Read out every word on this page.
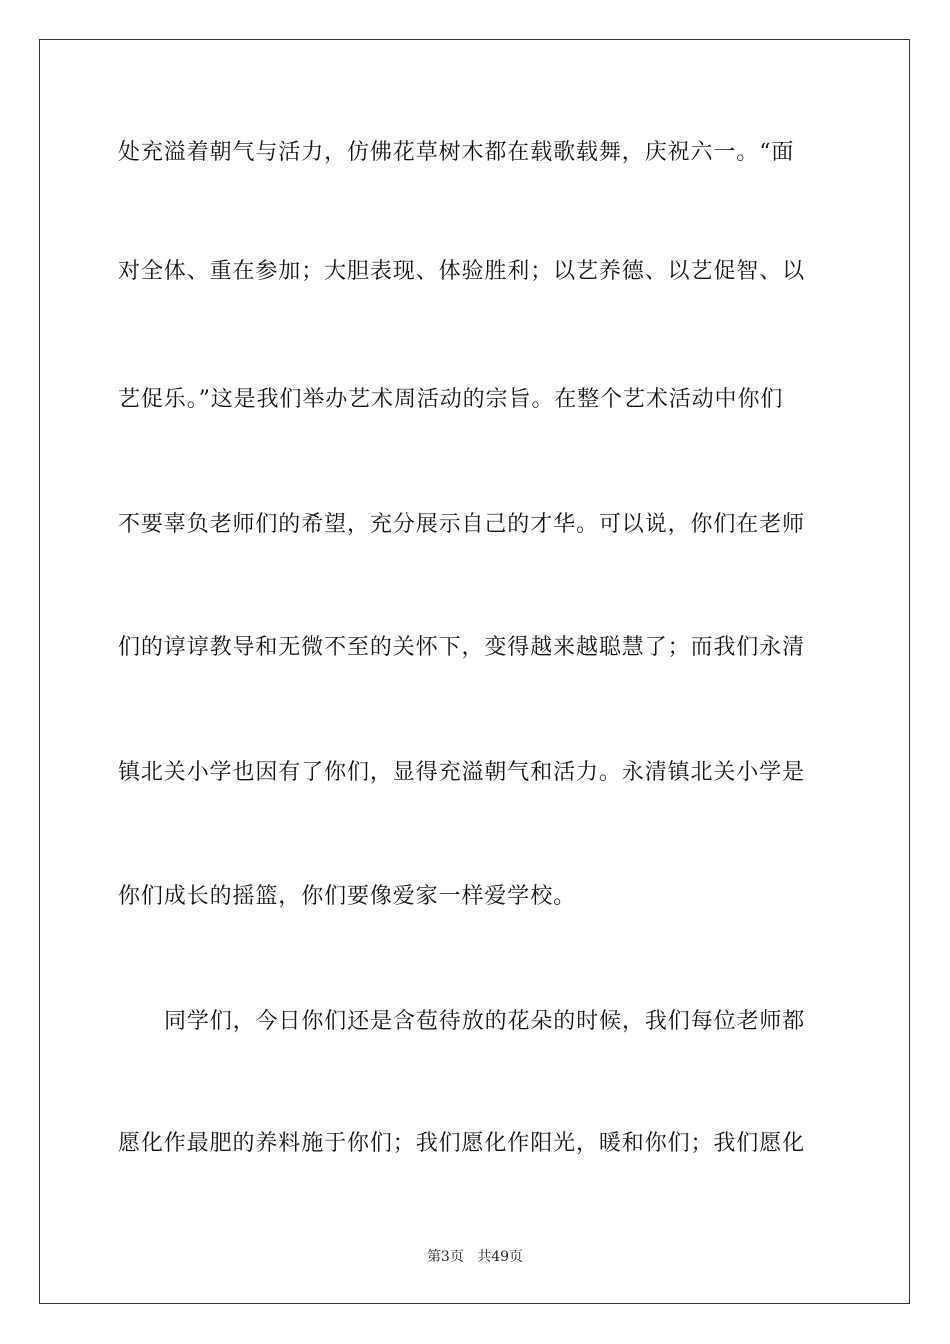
处充溢着朝气与活力，仿佛花草树木都在载歌载舞，庆祝六一。“面
对全体、重在参加；大胆表现、体验胜利；以艺养德、以艺促智、以
艺促乐。”这是我们举办艺术周活动的宗旨。在整个艺术活动中你们
不要辜负老师们的希望，充分展示自己的才华。可以说，你们在老师
们的谆谆教导和无微不至的关怀下，变得越来越聪慧了；而我们永清
镇北关小学也因有了你们，显得充溢朝气和活力。永清镇北关小学是
你们成长的摇篮，你们要像爱家一样爱学校。
同学们，今日你们还是含苞待放的花朵的时候，我们每位老师都
愿化作最肥的养料施于你们；我们愿化作阳光，暖和你们；我们愿化
第3页 共49页
